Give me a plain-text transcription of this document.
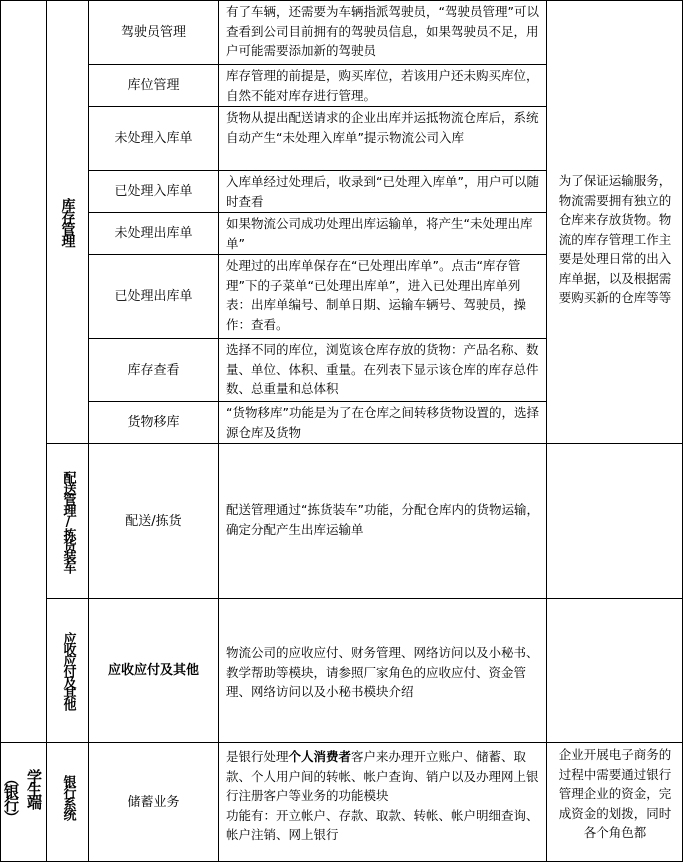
驾驶员管理
有了车辆，还需要为车辆指派驾驶员，“驾驶员管理”可以查看到公司目前拥有的驾驶员信息，如果驾驶员不足，用户可能需要添加新的驾驶员
库位管理
库存管理的前提是，购买库位，若该用户还未购买库位，自然不能对库存进行管理。
未处理入库单
货物从提出配送请求的企业出库并运抵物流仓库后，系统自动产生“未处理入库单”提示物流公司入库
已处理入库单
入库单经过处理后，收录到“已处理入库单”，用户可以随时查看
未处理出库单
如果物流公司成功处理出库运输单，将产生“未处理出库单”
已处理出库单
处理过的出库单保存在“已处理出库单”。点击“库存管理”下的子菜单“已处理出库单”，进入已处理出库单列表：出库单编号、制单日期、运输车辆号、驾驶员，操作：查看。
库存查看
选择不同的库位，浏览该仓库存放的货物：产品名称、数量、单位、体积、重量。在列表下显示该仓库的库存总件数、总重量和总体积
货物移库
“货物移库”功能是为了在仓库之间转移货物设置的，选择源仓库及货物
配送/拣货
配送管理通过“拣货装车”功能，分配仓库内的货物运输，确定分配产生出库运输单
应收应付及其他
物流公司的应收应付、财务管理、网络访问以及小秘书、教学帮助等模块，请参照厂家角色的应收应付、资金管理、网络访问以及小秘书模块介绍
储蓄业务
是银行处理个人消费者客户来办理开立账户、储蓄、取款、个人用户间的转帐、帐户查询、销户以及办理网上银行注册客户等业务的功能模块
功能有：开立帐户、存款、取款、转帐、帐户明细查询、帐户注销、网上银行
库存管理
配送管理/拣货装车
应收应付及其他
银行系统
学生端
（银行）
为了保证运输服务，物流需要拥有独立的仓库来存放货物。物流的库存管理工作主要是处理日常的出入库单据，以及根据需要购买新的仓库等等
企业开展电子商务的过程中需要通过银行管理企业的资金，完成资金的划拨，同时各个角色都
